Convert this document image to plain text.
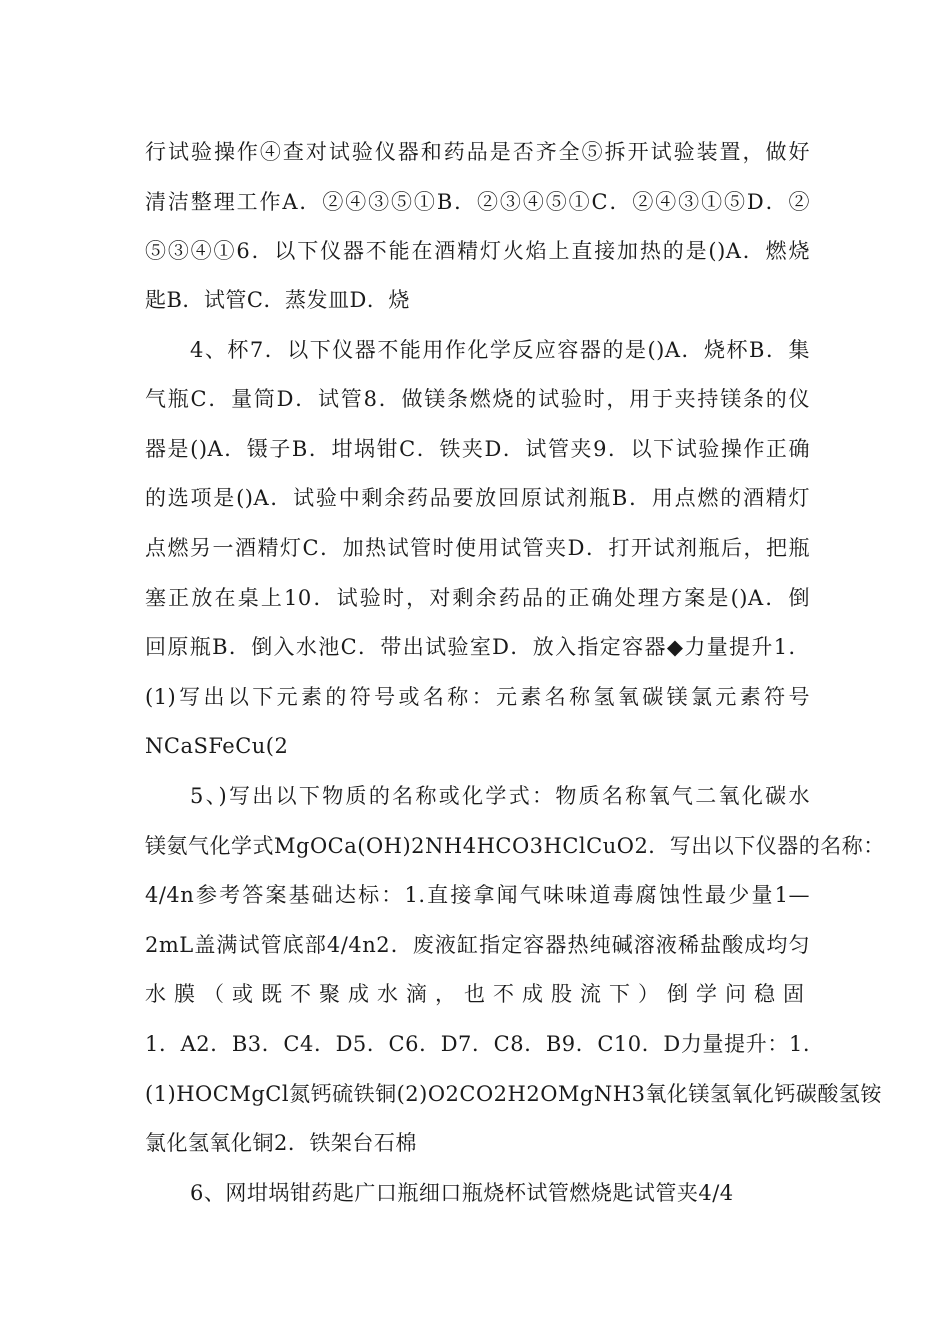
行试验操作④查对试验仪器和药品是否齐全⑤拆开试验装置，做好
清洁整理工作A．②④③⑤①B．②③④⑤①C．②④③①⑤D．②
⑤③④①6．以下仪器不能在酒精灯火焰上直接加热的是()A．燃烧
匙B．试管C．蒸发皿D．烧
4、杯7．以下仪器不能用作化学反应容器的是()A．烧杯B．集
气瓶C．量筒D．试管8．做镁条燃烧的试验时，用于夹持镁条的仪
器是()A．镊子B．坩埚钳C．铁夹D．试管夹9．以下试验操作正确
的选项是()A．试验中剩余药品要放回原试剂瓶B．用点燃的酒精灯
点燃另一酒精灯C．加热试管时使用试管夹D．打开试剂瓶后，把瓶
塞正放在桌上10．试验时，对剩余药品的正确处理方案是()A．倒
回原瓶B．倒入水池C．带出试验室D．放入指定容器◆力量提升1．
(1)写出以下元素的符号或名称：元素名称氢氧碳镁氯元素符号
NCaSFeCu(2
5、)写出以下物质的名称或化学式：物质名称氧气二氧化碳水
镁氨气化学式MgOCa(OH)2NH4HCO3HClCuO2．写出以下仪器的名称：
4/4n参考答案基础达标：1.直接拿闻气味味道毒腐蚀性最少量1—
2mL盖满试管底部4/4n2．废液缸指定容器热纯碱溶液稀盐酸成均匀
水膜（或既不聚成水滴，也不成股流下）倒学问稳固
1．A2．B3．C4．D5．C6．D7．C8．B9．C10．D力量提升：1.
(1)HOCMgCl氮钙硫铁铜(2)O2CO2H2OMgNH3氧化镁氢氧化钙碳酸氢铵
氯化氢氧化铜2．铁架台石棉
6、网坩埚钳药匙广口瓶细口瓶烧杯试管燃烧匙试管夹4/4
